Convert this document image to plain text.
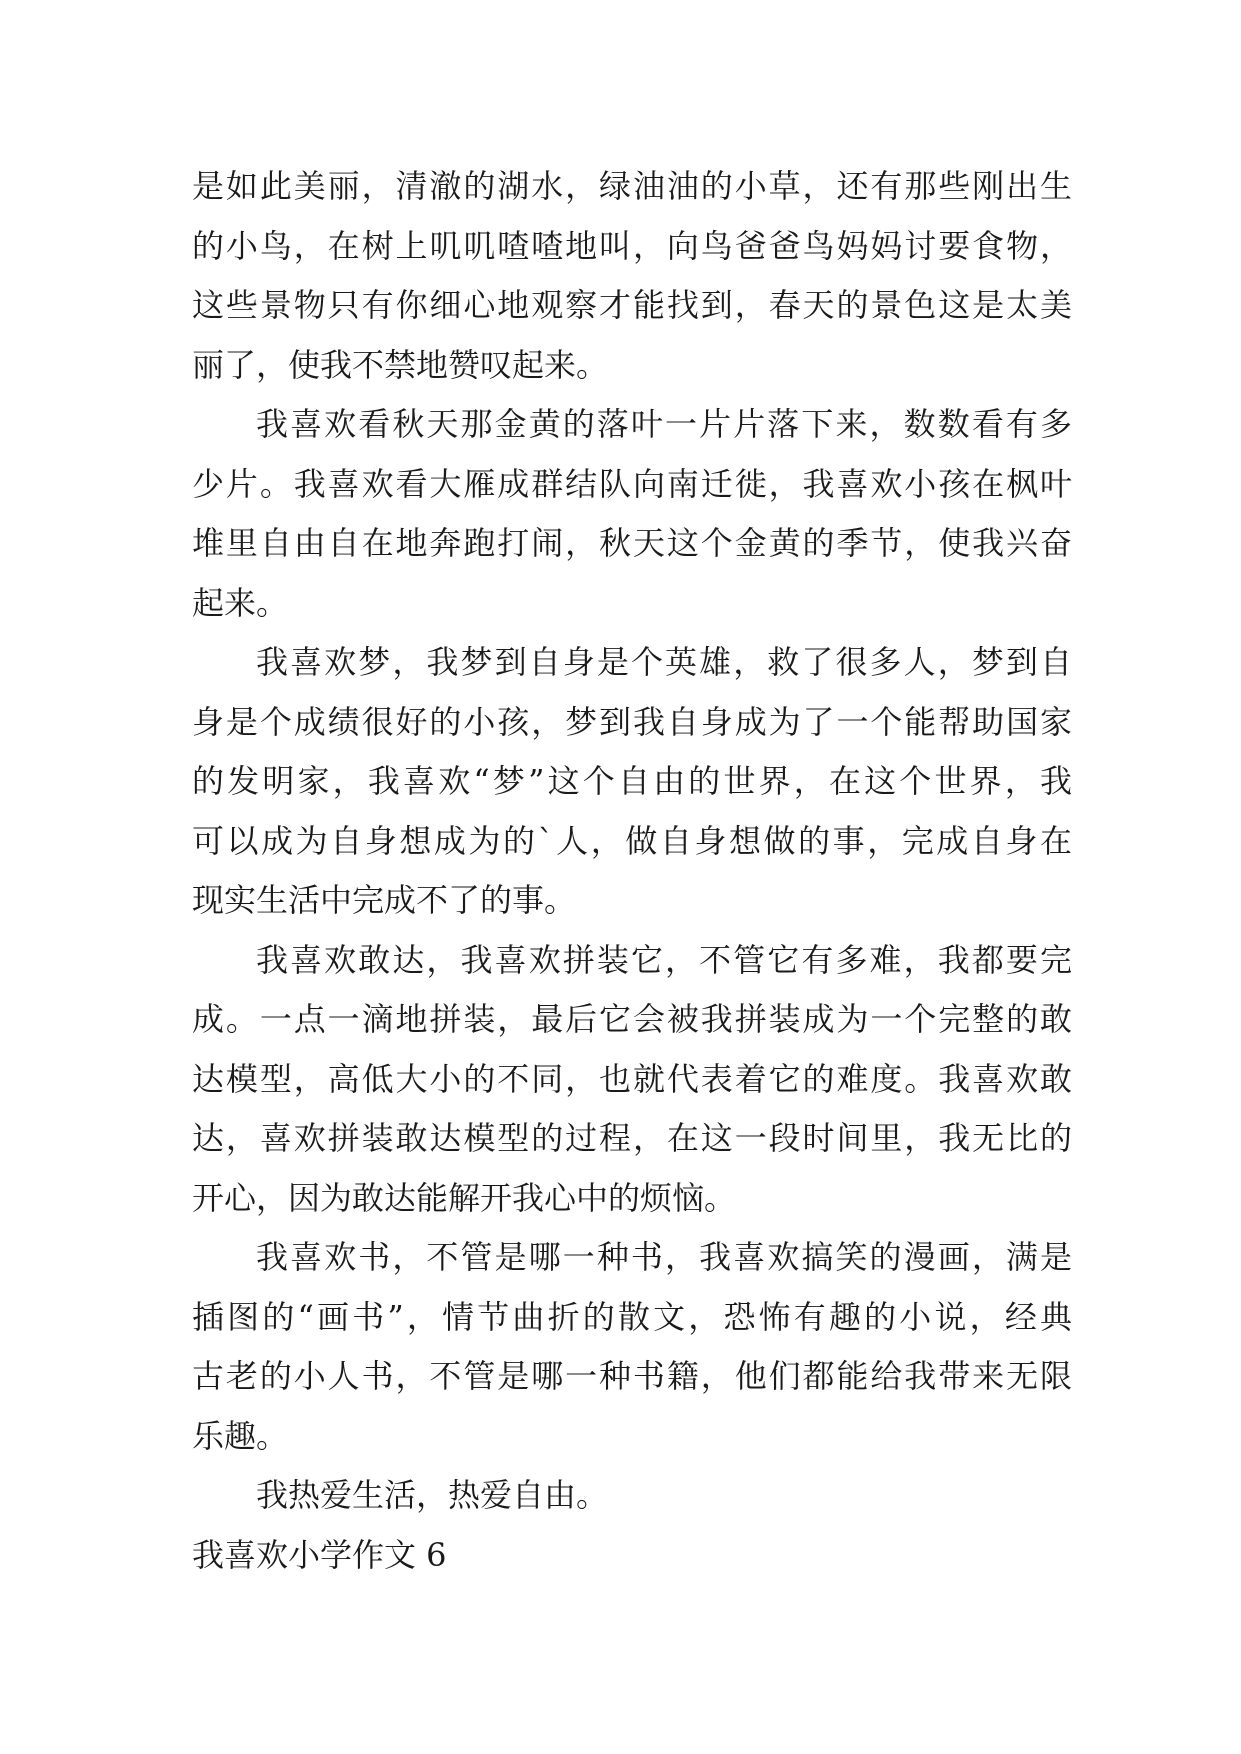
是如此美丽，清澈的湖水，绿油油的小草，还有那些刚出生
的小鸟，在树上叽叽喳喳地叫，向鸟爸爸鸟妈妈讨要食物，
这些景物只有你细心地观察才能找到，春天的景色这是太美
丽了，使我不禁地赞叹起来。
我喜欢看秋天那金黄的落叶一片片落下来，数数看有多
少片。我喜欢看大雁成群结队向南迁徙，我喜欢小孩在枫叶
堆里自由自在地奔跑打闹，秋天这个金黄的季节，使我兴奋
起来。
我喜欢梦，我梦到自身是个英雄，救了很多人，梦到自
身是个成绩很好的小孩，梦到我自身成为了一个能帮助国家
的发明家，我喜欢“梦”这个自由的世界，在这个世界，我
可以成为自身想成为的`人，做自身想做的事，完成自身在
现实生活中完成不了的事。
我喜欢敢达，我喜欢拼装它，不管它有多难，我都要完
成。一点一滴地拼装，最后它会被我拼装成为一个完整的敢
达模型，高低大小的不同，也就代表着它的难度。我喜欢敢
达，喜欢拼装敢达模型的过程，在这一段时间里，我无比的
开心，因为敢达能解开我心中的烦恼。
我喜欢书，不管是哪一种书，我喜欢搞笑的漫画，满是
插图的“画书”，情节曲折的散文，恐怖有趣的小说，经典
古老的小人书，不管是哪一种书籍，他们都能给我带来无限
乐趣。
我热爱生活，热爱自由。
我喜欢小学作文 6
